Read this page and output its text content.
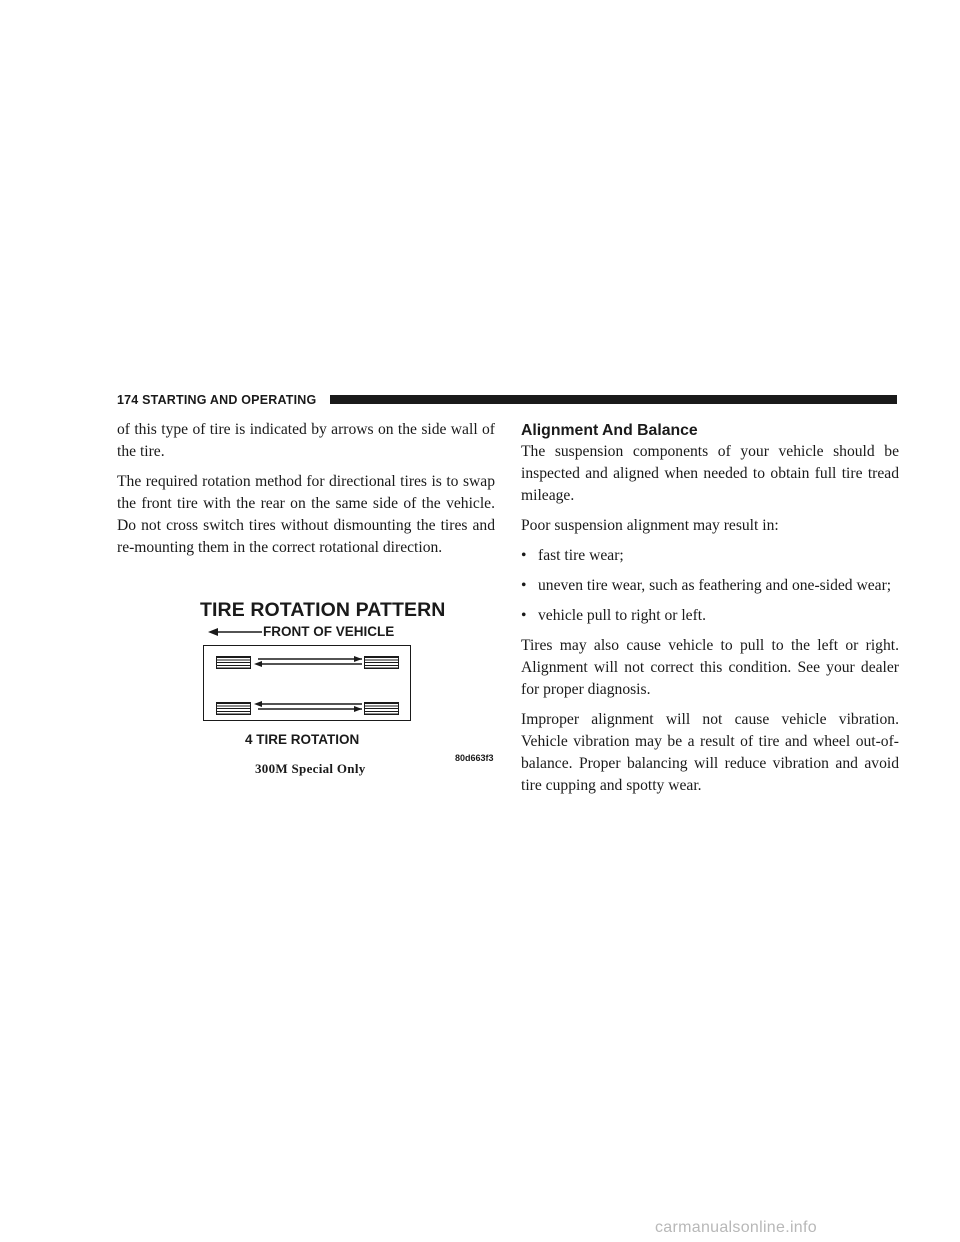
174 STARTING AND OPERATING

of this type of tire is indicated by arrows on the side wall of the tire.

The required rotation method for directional tires is to swap the front tire with the rear on the same side of the vehicle. Do not cross switch tires without dismounting the tires and re-mounting them in the correct rotational direction.

TIRE ROTATION PATTERN
FRONT OF VEHICLE
4 TIRE ROTATION
80d663f3
300M Special Only
Alignment And Balance

The suspension components of your vehicle should be inspected and aligned when needed to obtain full tire tread mileage.

Poor suspension alignment may result in:

• fast tire wear;
• uneven tire wear, such as feathering and one-sided wear;
• vehicle pull to right or left.

Tires may also cause vehicle to pull to the left or right. Alignment will not correct this condition. See your dealer for proper diagnosis.

Improper alignment will not cause vehicle vibration. Vehicle vibration may be a result of tire and wheel out-of-balance. Proper balancing will reduce vibration and avoid tire cupping and spotty wear.

carmanualsonline.info
